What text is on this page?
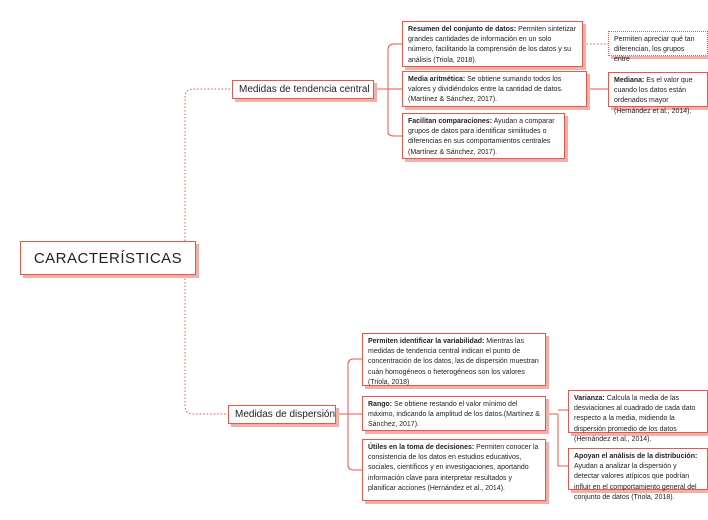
CARACTERÍSTICAS
Medidas de tendencia central
Medidas de dispersión
Resumen del conjunto de datos: Permiten sintetizar grandes cantidades de información en un solo número, facilitando la comprensión de los datos y su análisis (Triola, 2018).
Media aritmética: Se obtiene sumando todos los valores y dividiéndolos entre la cantidad de datos. (Martínez & Sánchez, 2017).
Facilitan comparaciones: Ayudan a comparar grupos de datos para identificar similitudes o diferencias en sus comportamientos centrales (Martínez & Sánchez, 2017).
Permiten apreciar qué tan diferencian, los grupos entre
Mediana: Es el valor que cuando los datos están ordenados mayor (Hernández et al., 2014).
Permiten identificar la variabilidad: Mientras las medidas de tendencia central indican el punto de concentración de los datos, las de dispersión muestran cuán homogéneos o heterogéneos son los valores (Triola, 2018)
Rango: Se obtiene restando el valor mínimo del máximo, indicando la amplitud de los datos.(Martínez & Sánchez, 2017).
Útiles en la toma de decisiones: Permiten conocer la consistencia de los datos en estudios educativos, sociales, científicos y en investigaciones, aportando información clave para interpretar resultados y planificar acciones (Hernández et al., 2014).
Varianza: Calcula la media de las desviaciones al cuadrado de cada dato respecto a la media, midiendo la dispersión promedio de los datos (Hernández et al., 2014).
Apoyan el análisis de la distribución: Ayudan a analizar la dispersión y detectar valores atípicos que podrían influir en el comportamiento general del conjunto de datos (Triola, 2018).
